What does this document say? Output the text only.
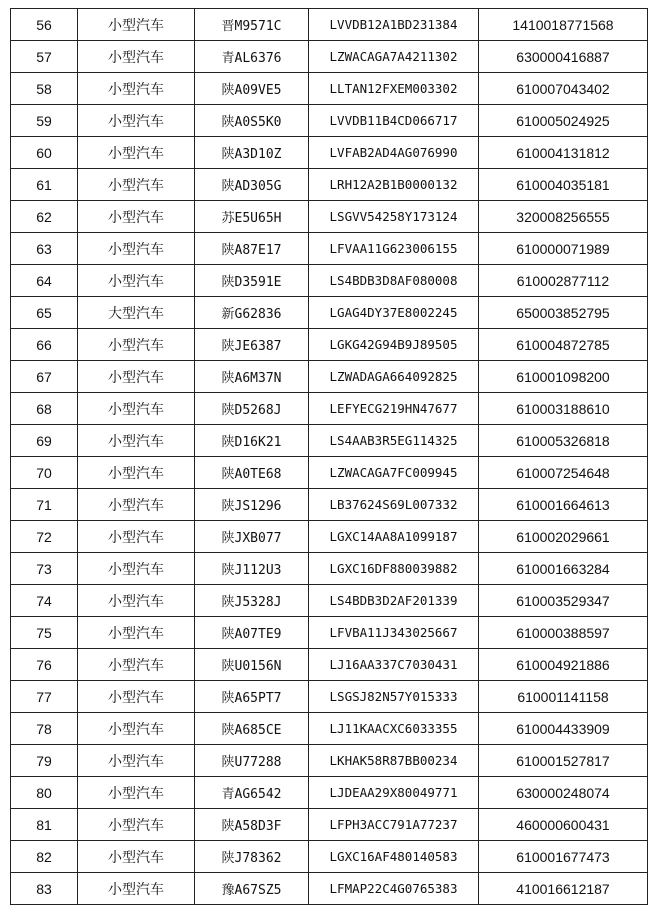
56	小型汽车	晋M9571C	LVVDB12A1BD231384	1410018771568
57	小型汽车	青AL6376	LZWACAGA7A4211302	630000416887
58	小型汽车	陕A09VE5	LLTAN12FXEM003302	610007043402
59	小型汽车	陕A0S5K0	LVVDB11B4CD066717	610005024925
60	小型汽车	陕A3D10Z	LVFAB2AD4AG076990	610004131812
61	小型汽车	陕AD305G	LRH12A2B1B0000132	610004035181
62	小型汽车	苏E5U65H	LSGVV54258Y173124	320008256555
63	小型汽车	陕A87E17	LFVAA11G623006155	610000071989
64	小型汽车	陕D3591E	LS4BDB3D8AF080008	610002877112
65	大型汽车	新G62836	LGAG4DY37E8002245	650003852795
66	小型汽车	陕JE6387	LGKG42G94B9J89505	610004872785
67	小型汽车	陕A6M37N	LZWADAGA664092825	610001098200
68	小型汽车	陕D5268J	LEFYECG219HN47677	610003188610
69	小型汽车	陕D16K21	LS4AAB3R5EG114325	610005326818
70	小型汽车	陕A0TE68	LZWACAGA7FC009945	610007254648
71	小型汽车	陕JS1296	LB37624S69L007332	610001664613
72	小型汽车	陕JXB077	LGXC14AA8A1099187	610002029661
73	小型汽车	陕J112U3	LGXC16DF880039882	610001663284
74	小型汽车	陕J5328J	LS4BDB3D2AF201339	610003529347
75	小型汽车	陕A07TE9	LFVBA11J343025667	610000388597
76	小型汽车	陕U0156N	LJ16AA337C7030431	610004921886
77	小型汽车	陕A65PT7	LSGSJ82N57Y015333	610001141158
78	小型汽车	陕A685CE	LJ11KAACXC6033355	610004433909
79	小型汽车	陕U77288	LKHAK58R87BB00234	610001527817
80	小型汽车	青AG6542	LJDEAA29X80049771	630000248074
81	小型汽车	陕A58D3F	LFPH3ACC791A77237	460000600431
82	小型汽车	陕J78362	LGXC16AF480140583	610001677473
83	小型汽车	豫A67SZ5	LFMAP22C4G0765383	410016612187
